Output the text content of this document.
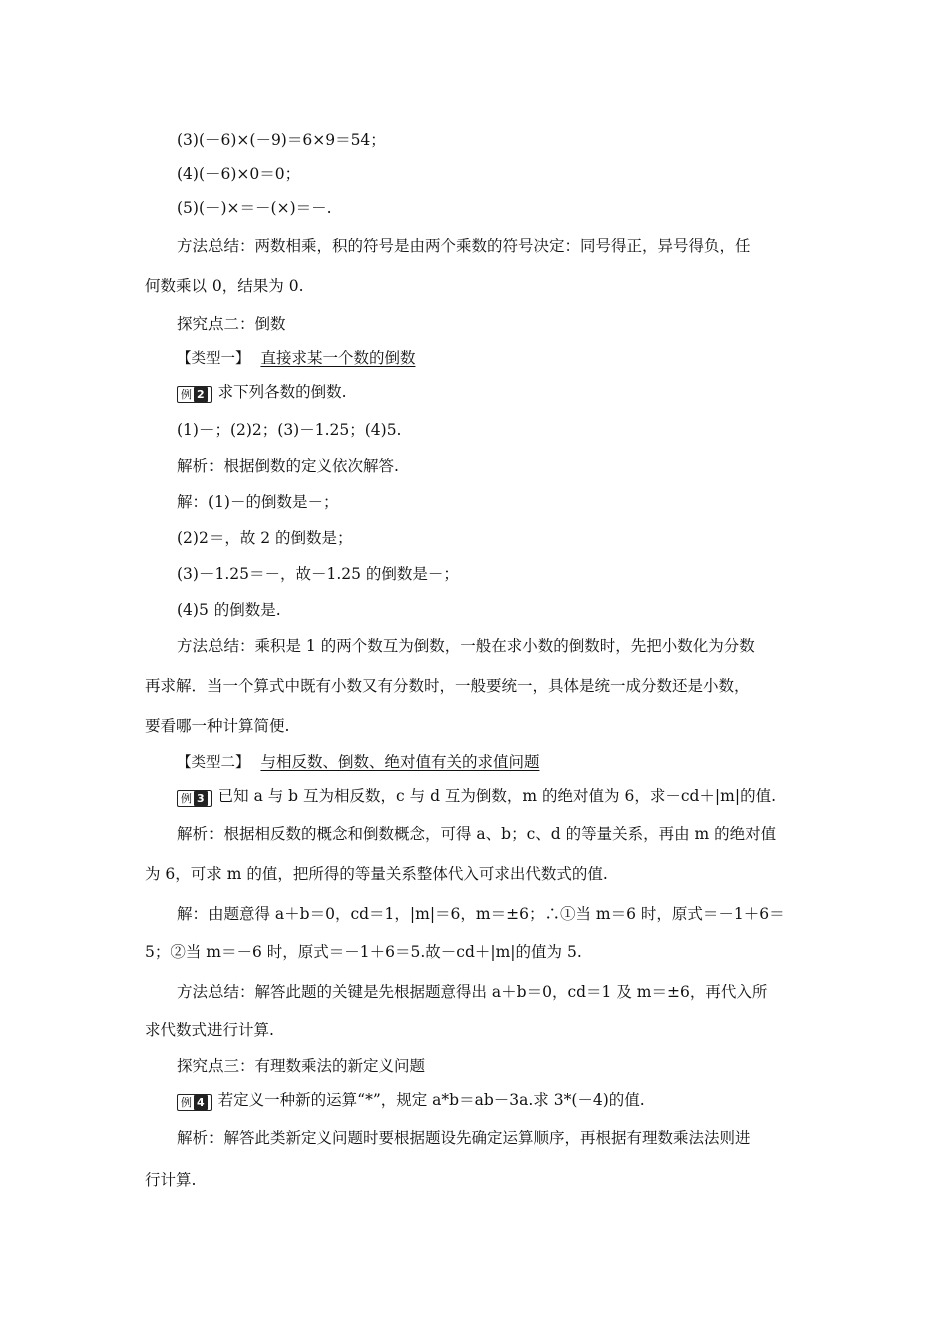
(3)(－6)×(－9)＝6×9＝54；
(4)(－6)×0＝0；
(5)(－)×＝－(×)＝－.
方法总结：两数相乘，积的符号是由两个乘数的符号决定：同号得正，异号得负，任
何数乘以 0，结果为 0.
探究点二：倒数
【类型一】 直接求某一个数的倒数
例 2 求下列各数的倒数.
(1)－；(2)2；(3)－1.25；(4)5.
解析：根据倒数的定义依次解答.
解：(1)－的倒数是－；
(2)2＝，故 2 的倒数是；
(3)－1.25＝－，故－1.25 的倒数是－；
(4)5 的倒数是.
方法总结：乘积是 1 的两个数互为倒数，一般在求小数的倒数时，先把小数化为分数
再求解．当一个算式中既有小数又有分数时，一般要统一，具体是统一成分数还是小数，
要看哪一种计算简便.
【类型二】 与相反数、倒数、绝对值有关的求值问题
例 3 已知 a 与 b 互为相反数，c 与 d 互为倒数，m 的绝对值为 6，求－cd＋|m|的值.
解析：根据相反数的概念和倒数概念，可得 a、b；c、d 的等量关系，再由 m 的绝对值
为 6，可求 m 的值，把所得的等量关系整体代入可求出代数式的值.
解：由题意得 a＋b＝0，cd＝1，|m|＝6，m＝±6；∴①当 m＝6 时，原式＝－1＋6＝
5；②当 m＝－6 时，原式＝－1＋6＝5.故－cd＋|m|的值为 5.
方法总结：解答此题的关键是先根据题意得出 a＋b＝0，cd＝1 及 m＝±6，再代入所
求代数式进行计算.
探究点三：有理数乘法的新定义问题
例 4 若定义一种新的运算“*”，规定 a*b＝ab－3a.求 3*(－4)的值.
解析：解答此类新定义问题时要根据题设先确定运算顺序，再根据有理数乘法法则进
行计算.
